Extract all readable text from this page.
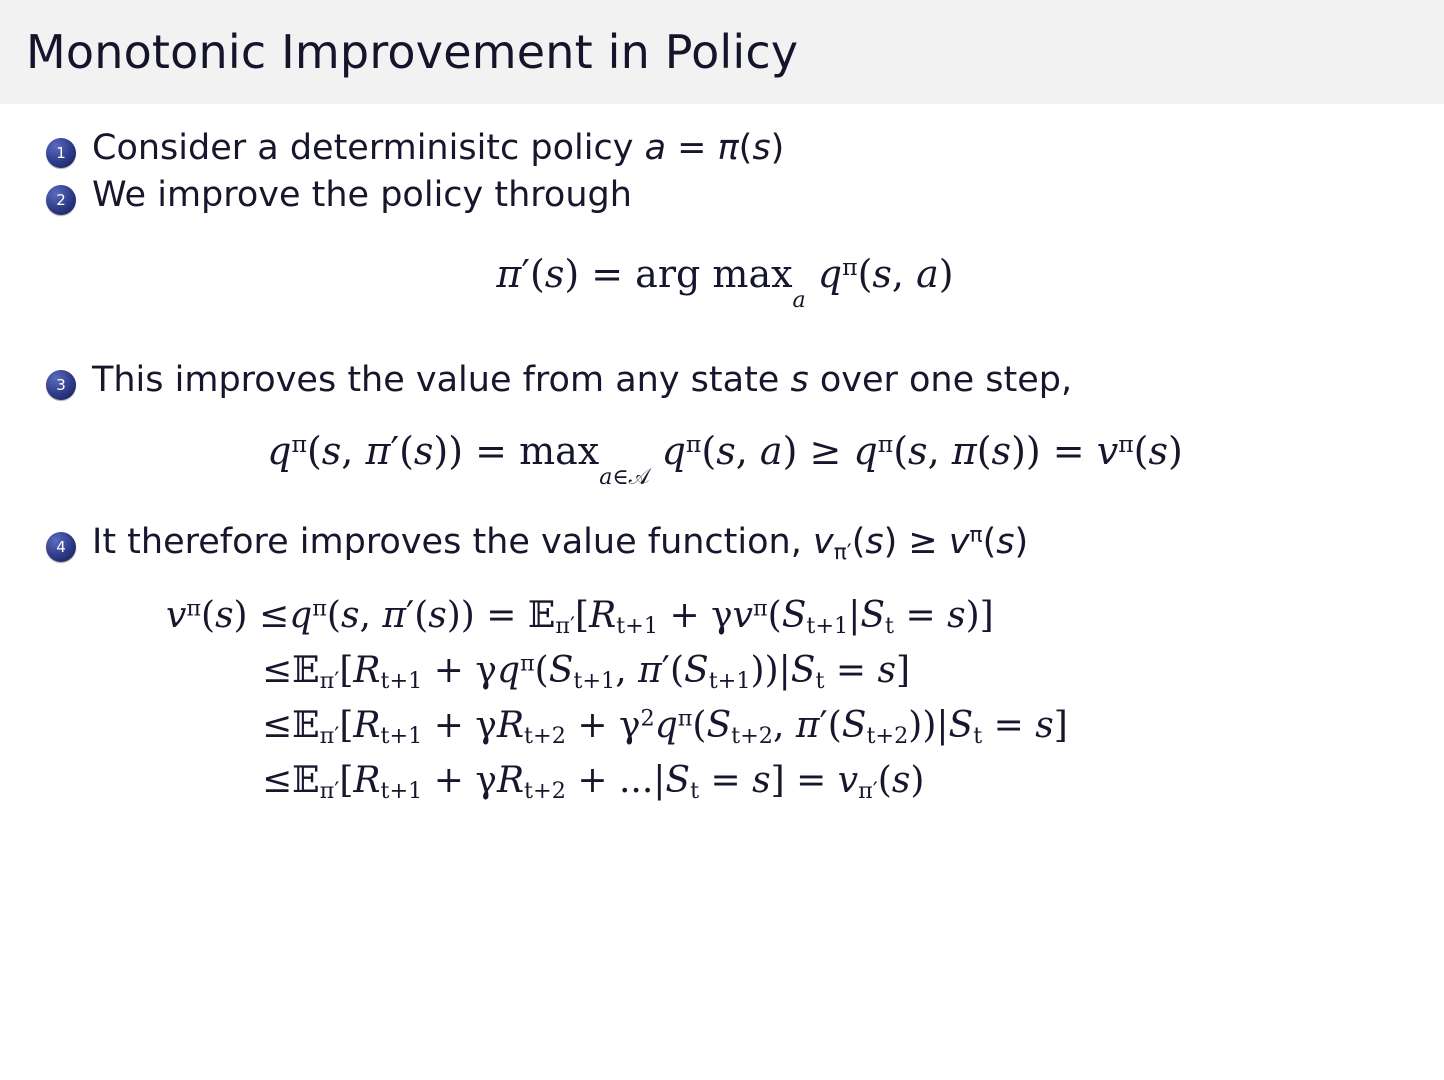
Monotonic Improvement in Policy
1 Consider a determinisitc policy a = π(s)
2 We improve the policy through
π′(s) = arg $\max_a q^\pi(s$, a)
3 This improves the value from any state s over one step,
$q^\pi(s$, $\pi'(s)) = \max_{a\in 𝒜} q^\pi(s$, $a) \ge q^\pi(s$, $\pi(s)) = v^\pi(s)$
4 It therefore improves the value function, $v_{\pi'}(s) \ge v^\pi(s)$
$v^\pi(s) \le q^\pi(s$, $\pi'(s)) = 𝔼_{\pi'}[R_{t+1} + \gamma v^\pi(S_{t+1}|S_t = s)]$
$\le 𝔼_{\pi'}[R_{t+1} + \gamma q^\pi(S_{t+1}$, $\pi'(S_{t+1}))|S_t = s$]
$\le 𝔼_{\pi'}[R_{t+1} + \gamma R_{t+2} + \gamma^2q^\pi(S_{t+2}$, $\pi'(S_{t+2}))|S_t = s$]
$\le 𝔼_{\pi'}[R_{t+1} + \gamma R_{t+2} + ...|S_t = s] = v_{\pi'}(s)$
